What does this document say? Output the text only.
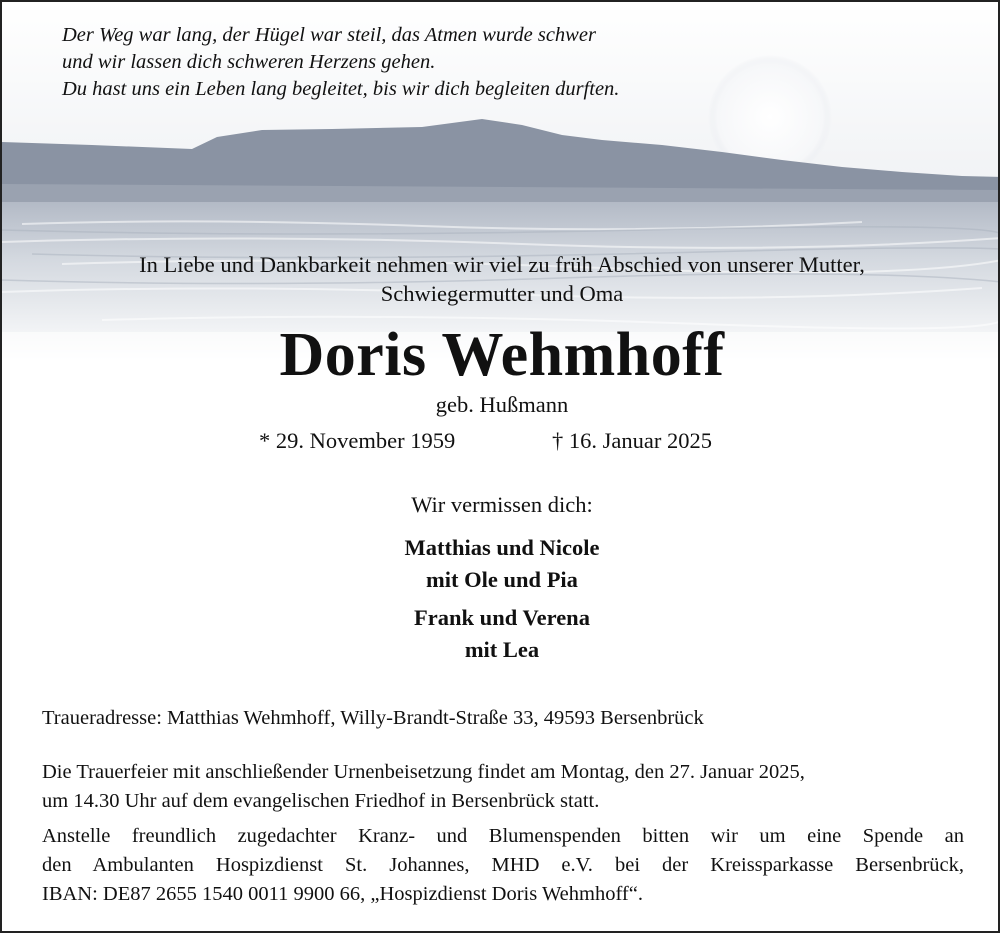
Der Weg war lang, der Hügel war steil, das Atmen wurde schwer
und wir lassen dich schweren Herzens gehen.
Du hast uns ein Leben lang begleitet, bis wir dich begleiten durften.
In Liebe und Dankbarkeit nehmen wir viel zu früh Abschied von unserer Mutter,
Schwiegermutter und Oma
Doris Wehmhoff
geb. Hußmann
* 29. November 1959	† 16. Januar 2025
Wir vermissen dich:
Matthias und Nicole
mit Ole und Pia
Frank und Verena
mit Lea
Traueradresse: Matthias Wehmhoff, Willy-Brandt-Straße 33, 49593 Bersenbrück
Die Trauerfeier mit anschließender Urnenbeisetzung findet am Montag, den 27. Januar 2025,
um 14.30 Uhr auf dem evangelischen Friedhof in Bersenbrück statt.
Anstelle freundlich zugedachter Kranz- und Blumenspenden bitten wir um eine Spende an
den Ambulanten Hospizdienst St. Johannes, MHD e.V. bei der Kreissparkasse Bersenbrück,
IBAN: DE87 2655 1540 0011 9900 66, „Hospizdienst Doris Wehmhoff“.
